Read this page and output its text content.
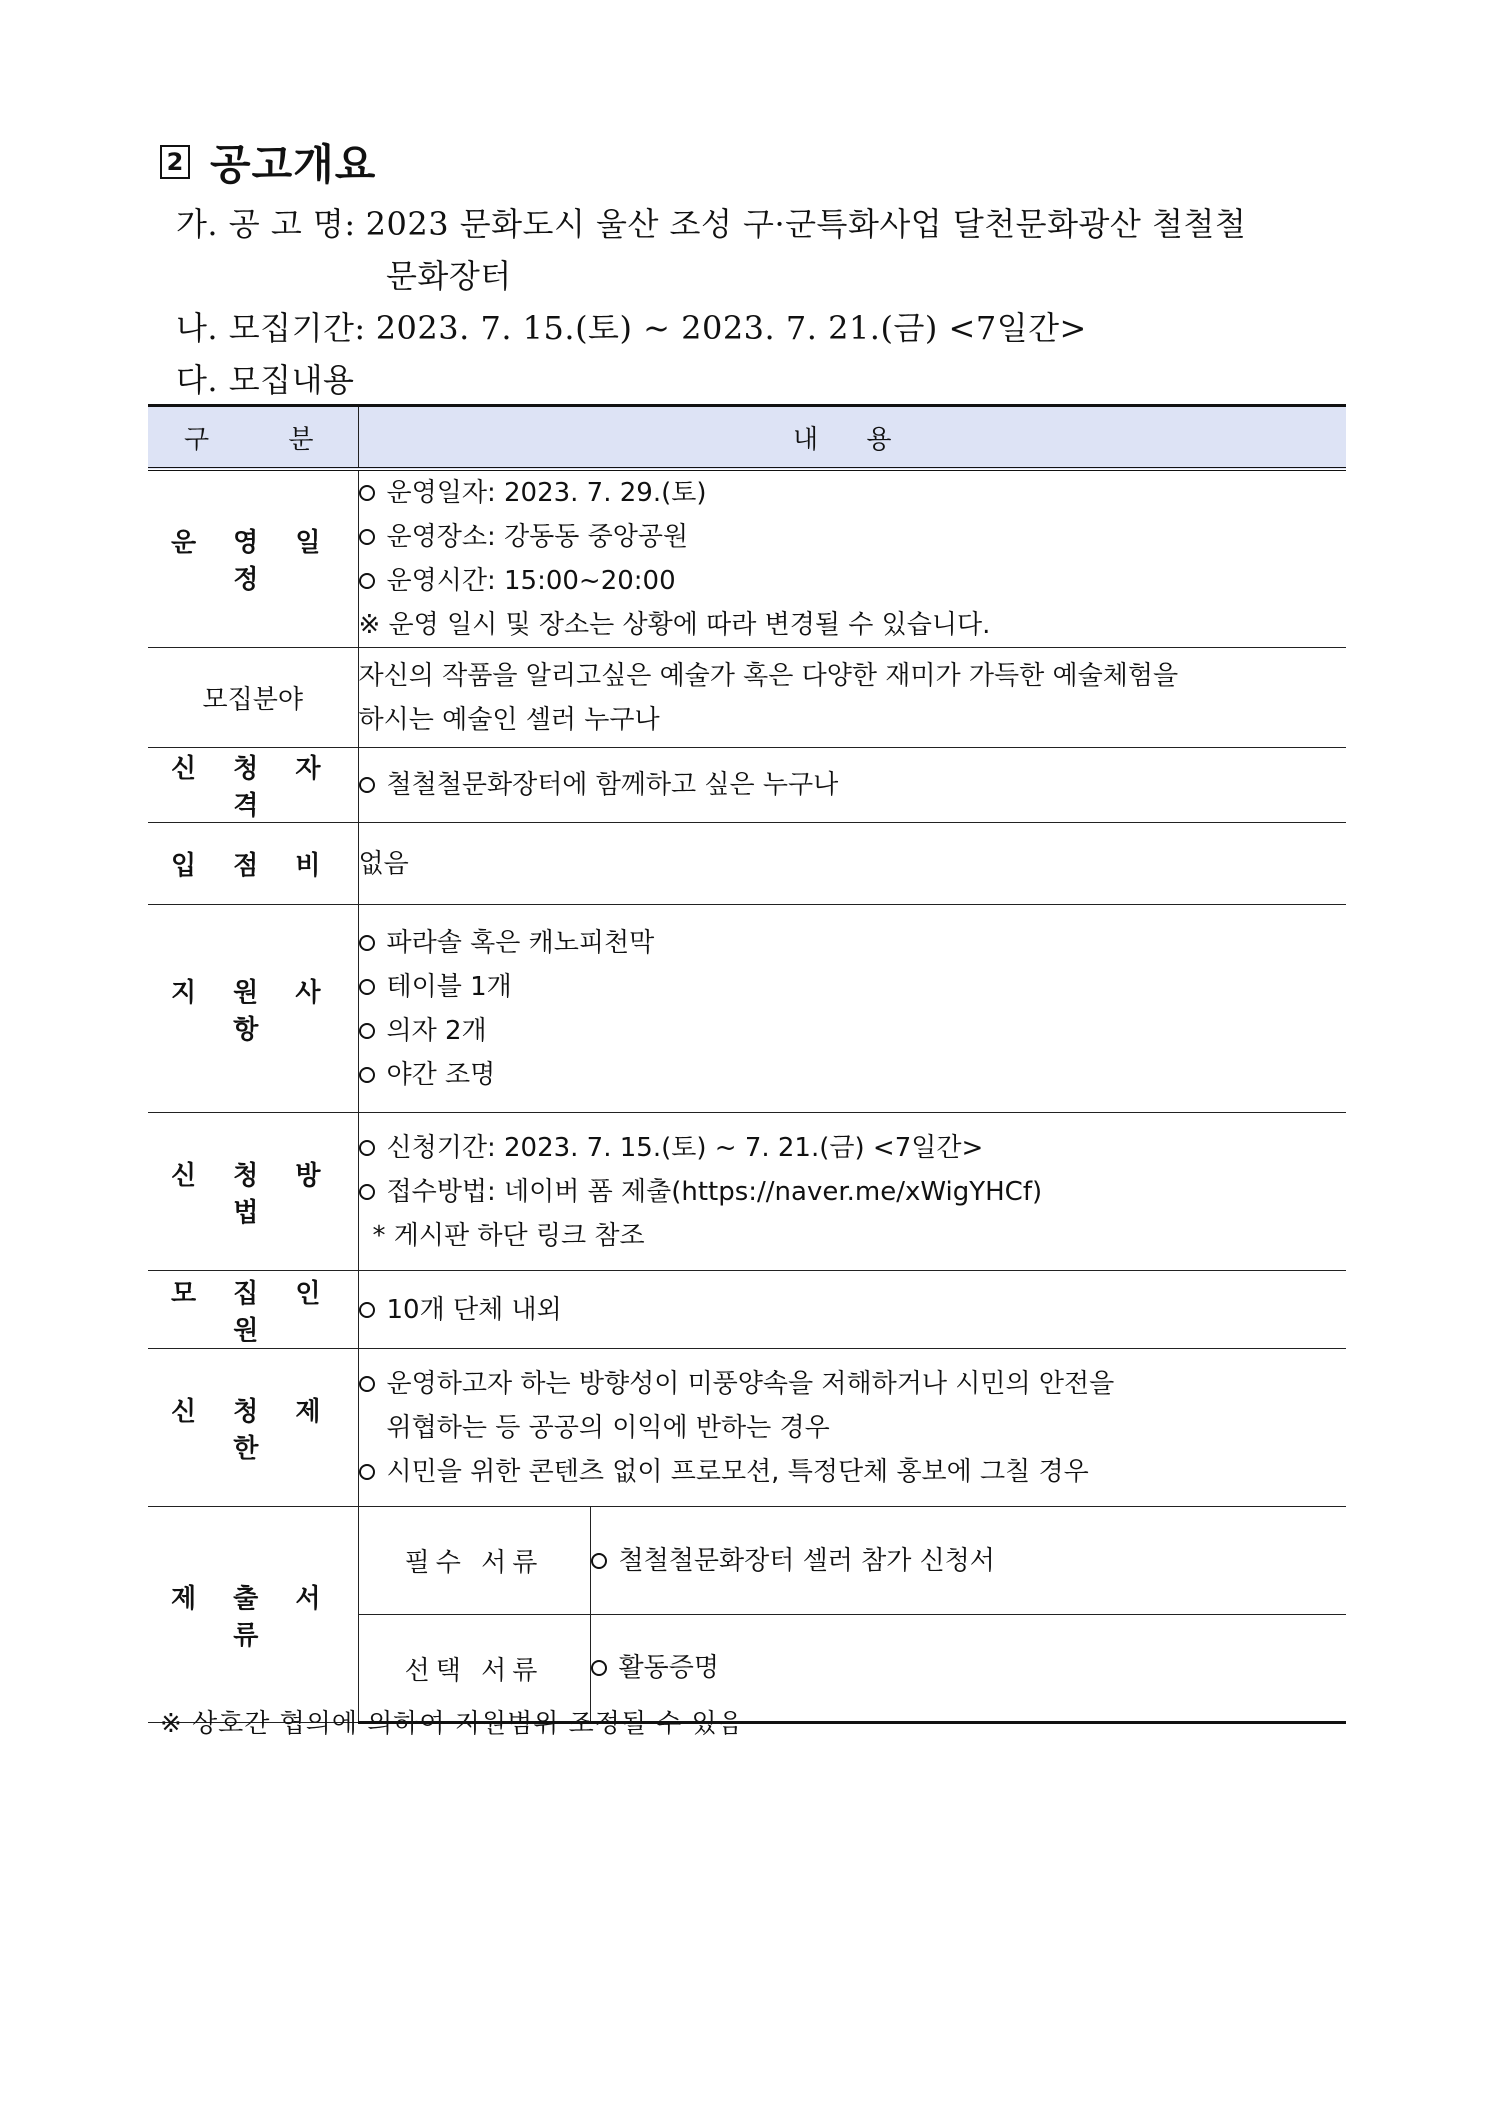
2 공고개요
가. 공 고 명: 2023 문화도시 울산 조성 구·군특화사업 달천문화광산 철철철
문화장터
나. 모집기간: 2023. 7. 15.(토) ~ 2023. 7. 21.(금) <7일간>
다. 모집내용
구 분	내 용	
운 영 일 정	운영일자: 2023. 7. 29.(토)
운영장소: 강동동 중앙공원
운영시간: 15:00~20:00
※ 운영 일시 및 장소는 상황에 따라 변경될 수 있습니다.	

모집분야	자신의 작품을 알리고싶은 예술가 혹은 다양한 재미가 가득한 예술체험을
하시는 예술인 셀러 누구나	

신 청 자 격	철철철문화장터에 함께하고 싶은 누구나	

입 점 비	없음	
지 원 사 항	파라솔 혹은 캐노피천막
테이블 1개
의자 2개
야간 조명	

신 청 방 법	신청기간: 2023. 7. 15.(토) ~ 7. 21.(금) <7일간>
접수방법: 네이버 폼 제출(https://naver.me/xWigYHCf)
* 게시판 하단 링크 참조	

모 집 인 원	10개 단체 내외	

신 청 제 한	운영하고자 하는 방향성이 미풍양속을 저해하거나 시민의 안전을
위협하는 등 공공의 이익에 반하는 경우
시민을 위한 콘텐츠 없이 프로모션, 특정단체 홍보에 그칠 경우	

제 출 서 류	필수 서류	철철철문화장터 셀러 참가 신청서

	선택 서류	활동증명
※ 상호간 협의에 의하여 지원범위 조정될 수 있음
